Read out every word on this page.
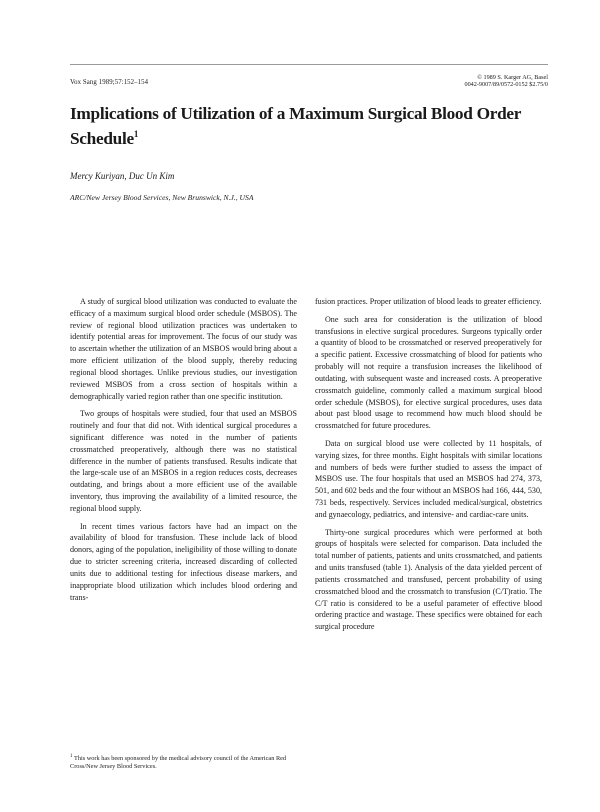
Vox Sang 1989;57:152–154
© 1989 S. Karger AG, Basel
0042-9007/89/0572-0152 $2.75/0
Implications of Utilization of a Maximum Surgical Blood Order Schedule$^1$
Mercy Kuriyan, Duc Un Kim
ARC/New Jersey Blood Services, New Brunswick, N.J., USA

A study of surgical blood utilization was conducted to evaluate the efficacy of a maximum surgical blood order schedule (MSBOS). The review of regional blood utilization practices was undertaken to identify potential areas for improvement. The focus of our study was to ascertain whether the utilization of an MSBOS would bring about a more efficient utilization of the blood supply, thereby reducing regional blood shortages. Unlike previous studies, our investigation reviewed MSBOS from a cross section of hospitals within a demographically varied region rather than one specific institution.

Two groups of hospitals were studied, four that used an MSBOS routinely and four that did not. With identical surgical procedures a significant difference was noted in the number of patients crossmatched preoperatively, although there was no statistical difference in the number of patients transfused. Results indicate that the large-scale use of an MSBOS in a region reduces costs, decreases outdating, and brings about a more efficient use of the available inventory, thus improving the availability of a limited resource, the regional blood supply.

In recent times various factors have had an impact on the availability of blood for transfusion. These include lack of blood donors, aging of the population, ineligibility of those willing to donate due to stricter screening criteria, increased discarding of collected units due to additional testing for infectious disease markers, and inappropriate blood utilization which includes blood ordering and trans-

fusion practices. Proper utilization of blood leads to greater efficiency.

One such area for consideration is the utilization of blood transfusions in elective surgical procedures. Surgeons typically order a quantity of blood to be crossmatched or reserved preoperatively for a specific patient. Excessive crossmatching of blood for patients who probably will not require a transfusion increases the likelihood of outdating, with subsequent waste and increased costs. A preoperative crossmatch guideline, commonly called a maximum surgical blood order schedule (MSBOS), for elective surgical procedures, uses data about past blood usage to recommend how much blood should be crossmatched for future procedures.

Data on surgical blood use were collected by 11 hospitals, of varying sizes, for three months. Eight hospitals with similar locations and numbers of beds were further studied to assess the impact of MSBOS use. The four hospitals that used an MSBOS had 274, 373, 501, and 602 beds and the four without an MSBOS had 166, 444, 530, 731 beds, respectively. Services included medical/surgical, obstetrics and gynaecology, pediatrics, and intensive- and cardiac-care units.

Thirty-one surgical procedures which were performed at both groups of hospitals were selected for comparison. Data included the total number of patients, patients and units crossmatched, and patients and units transfused (table 1). Analysis of the data yielded percent of patients crossmatched and transfused, percent probability of using crossmatched blood and the crossmatch to transfusion (C/T)ratio. The C/T ratio is considered to be a useful parameter of effective blood ordering practice and wastage. These specifics were obtained for each surgical procedure

$^1$ This work has been sponsored by the medical advisory council of the American Red Cross/New Jersey Blood Services.
